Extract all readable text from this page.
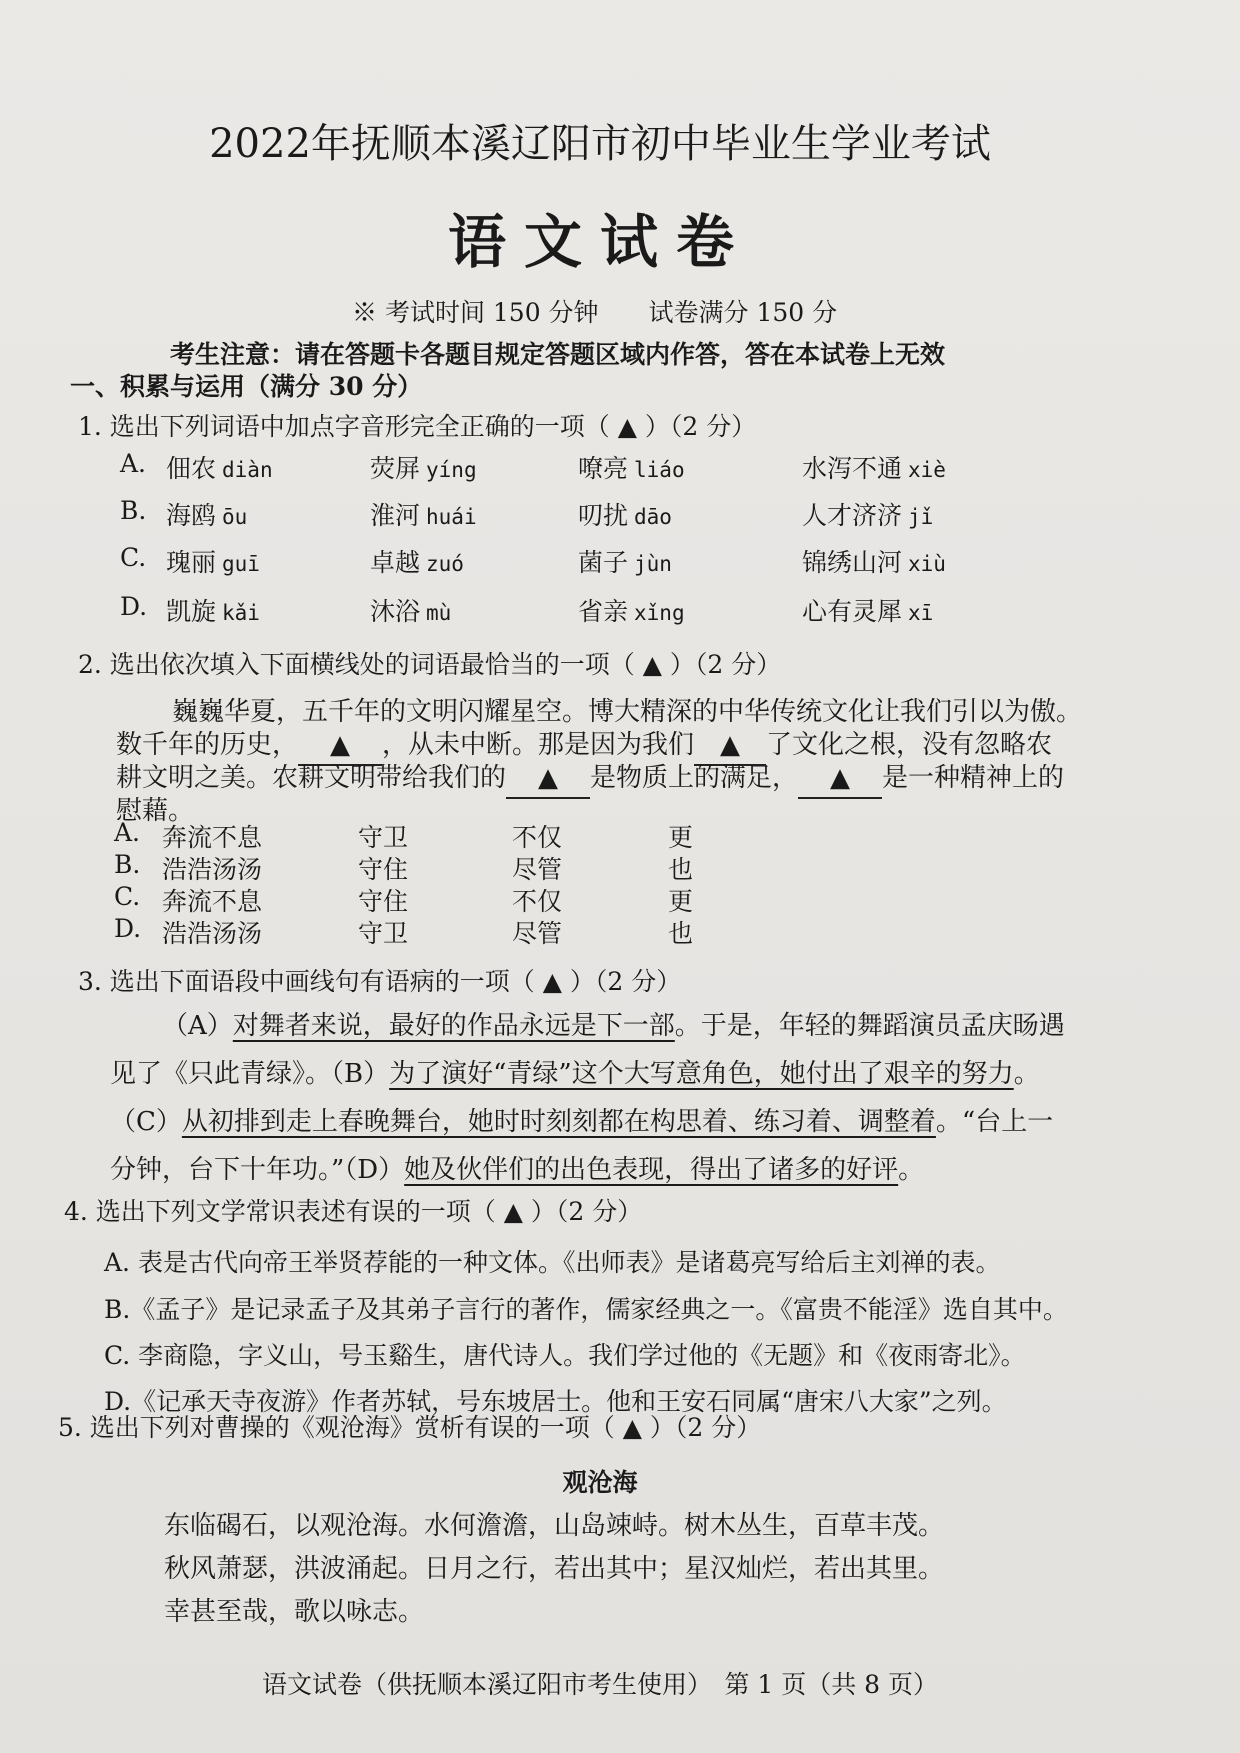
2022年抚顺本溪辽阳市初中毕业生学业考试
语文试卷
※ 考试时间 150 分钟 试卷满分 150 分
考生注意：请在答题卡各题目规定答题区域内作答，答在本试卷上无效
一、积累与运用（满分 30 分）
1. 选出下列词语中加点字音形完全正确的一项（ ▲ ）（2 分）
A. 佃农 diàn	荧屏 yíng	嘹亮 liáo	水泻不通 xiè
B. 海鸥 ōu	淮河 huái	叨扰 dāo	人才济济 jǐ
C. 瑰丽 guī	卓越 zuó	菌子 jùn	锦绣山河 xiù
D. 凯旋 kǎi	沐浴 mù	省亲 xǐng	心有灵犀 xī
2. 选出依次填入下面横线处的词语最恰当的一项（ ▲ ）（2 分）
巍巍华夏，五千年的文明闪耀星空。博大精深的中华传统文化让我们引以为傲。
数千年的历史， ▲ ，从未中断。那是因为我们 ▲ 了文化之根，没有忽略农
耕文明之美。农耕文明带给我们的 ▲ 是物质上的满足， ▲ 是一种精神上的
慰藉。
A. 奔流不息	守卫	不仅	更
B. 浩浩汤汤	守住	尽管	也
C. 奔流不息	守住	不仅	更
D. 浩浩汤汤	守卫	尽管	也
3. 选出下面语段中画线句有语病的一项（ ▲ ）（2 分）
（A）对舞者来说，最好的作品永远是下一部。于是，年轻的舞蹈演员孟庆旸遇
见了《只此青绿》。（B）为了演好“青绿”这个大写意角色，她付出了艰辛的努力。
（C）从初排到走上春晚舞台，她时时刻刻都在构思着、练习着、调整着。“台上一
分钟，台下十年功。”（D）她及伙伴们的出色表现，得出了诸多的好评。
4. 选出下列文学常识表述有误的一项（ ▲ ）（2 分）
A. 表是古代向帝王举贤荐能的一种文体。《出师表》是诸葛亮写给后主刘禅的表。
B.《孟子》是记录孟子及其弟子言行的著作，儒家经典之一。《富贵不能淫》选自其中。
C. 李商隐，字义山，号玉谿生，唐代诗人。我们学过他的《无题》和《夜雨寄北》。
D.《记承天寺夜游》作者苏轼，号东坡居士。他和王安石同属“唐宋八大家”之列。
5. 选出下列对曹操的《观沧海》赏析有误的一项（ ▲ ）（2 分）
观沧海
东临碣石，以观沧海。水何澹澹，山岛竦峙。树木丛生，百草丰茂。
秋风萧瑟，洪波涌起。日月之行，若出其中；星汉灿烂，若出其里。
幸甚至哉，歌以咏志。
语文试卷（供抚顺本溪辽阳市考生使用）　第 1 页（共 8 页）
